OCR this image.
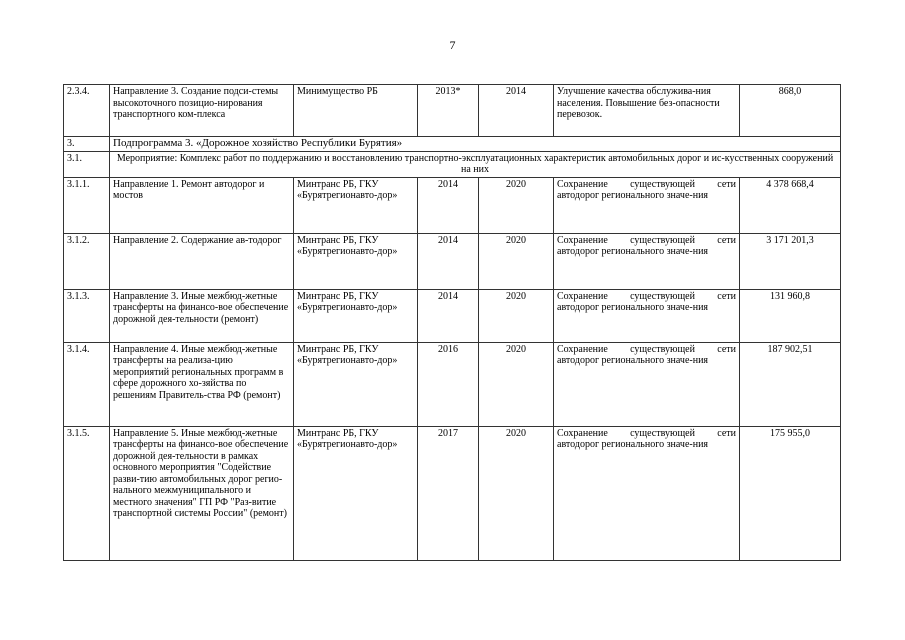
7
2.3.4.	Направление 3. Создание подси-стемы высокоточного позицио-нирования транспортного ком-плекса	Минимущество РБ	2013*	2014	Улучшение качества обслужива-ния населения. Повышение без-опасности перевозок.	868,0
3.	Подпрограмма 3. «Дорожное хозяйство Республики Бурятия»					
3.1.	Мероприятие: Комплекс работ по поддержанию и восстановлению транспортно-эксплуатационных характеристик автомобильных дорог и ис-кусственных сооружений на них					
3.1.1.	Направление 1. Ремонт автодорог и мостов	Минтранс РБ, ГКУ «Бурятрегионавто-дор»	2014	2020	Сохранение существующей сети автодорог регионального значе-ния	4 378 668,4
3.1.2.	Направление 2. Содержание ав-тодорог	Минтранс РБ, ГКУ «Бурятрегионавто-дор»	2014	2020	Сохранение существующей сети автодорог регионального значе-ния	3 171 201,3
3.1.3.	Направление 3. Иные межбюд-жетные трансферты на финансо-вое обеспечение дорожной дея-тельности (ремонт)	Минтранс РБ, ГКУ «Бурятрегионавто-дор»	2014	2020	Сохранение существующей сети автодорог регионального значе-ния	131 960,8
3.1.4.	Направление 4. Иные межбюд-жетные трансферты на реализа-цию мероприятий региональных программ в сфере дорожного хо-зяйства по решениям Правитель-ства РФ (ремонт)	Минтранс РБ, ГКУ «Бурятрегионавто-дор»	2016	2020	Сохранение существующей сети автодорог регионального значе-ния	187 902,51
3.1.5.	Направление 5. Иные межбюд-жетные трансферты на финансо-вое обеспечение дорожной дея-тельности в рамках основного мероприятия "Содействие разви-тию автомобильных дорог регио-нального межмуниципального и местного значения" ГП РФ "Раз-витие транспортной системы России" (ремонт)	Минтранс РБ, ГКУ «Бурятрегионавто-дор»	2017	2020	Сохранение существующей сети автодорог регионального значе-ния	175 955,0
